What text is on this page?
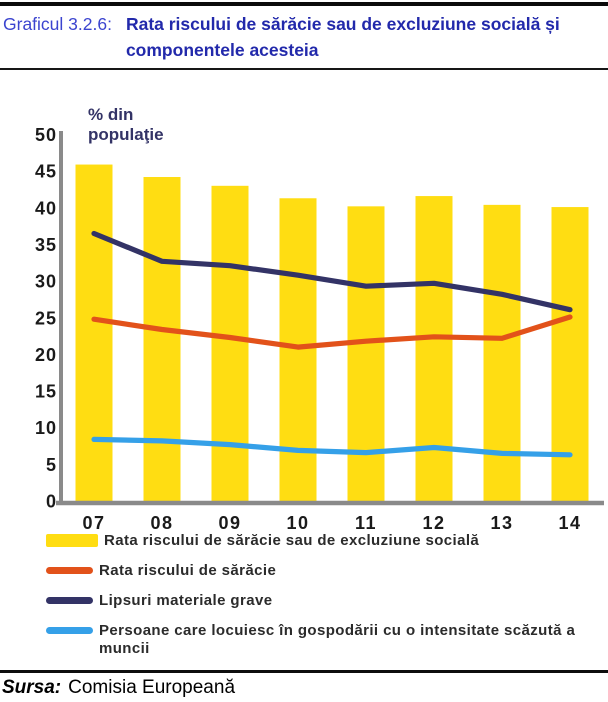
Graficul 3.2.6: Rata riscului de sărăcie sau de excluziune socială și componentele acesteia
0
5
10
15
20
25
30
35
40
45
50
07 08 09 10	11	12 13 14
% din
populaţie
Rata riscului de sărăcie sau de excluziune socială
Rata riscului de sărăcie
Lipsuri materiale grave
Persoane care locuiesc în gospodării cu o intensitate scăzută a muncii

Sursa: Comisia Europeană
